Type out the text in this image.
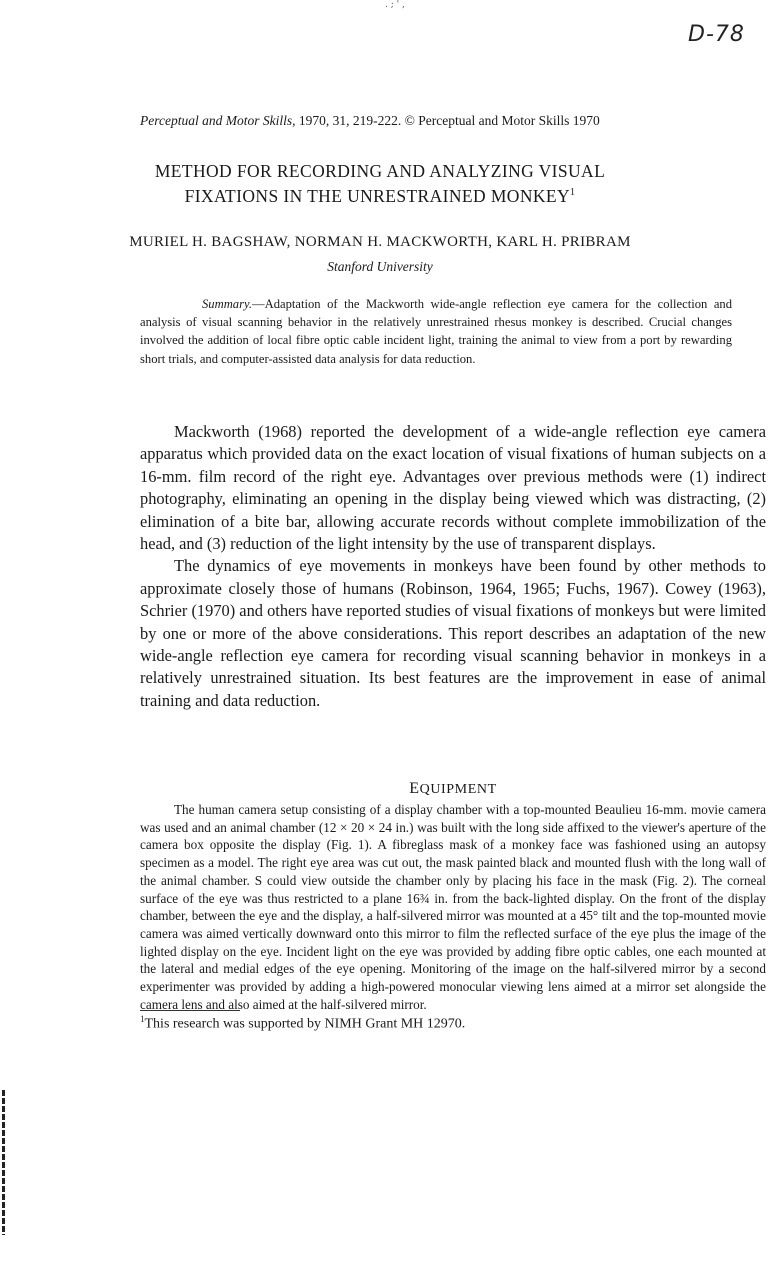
. ; ' ,
D-78
Perceptual and Motor Skills, 1970, 31, 219-222. © Perceptual and Motor Skills 1970
METHOD FOR RECORDING AND ANALYZING VISUAL
FIXATIONS IN THE UNRESTRAINED MONKEY$^1$
MURIEL H. BAGSHAW, NORMAN H. MACKWORTH, KARL H. PRIBRAM
Stanford University
Summary.—Adaptation of the Mackworth wide-angle reflection eye camera for the collection and analysis of visual scanning behavior in the relatively unrestrained rhesus monkey is described. Crucial changes involved the addition of local fibre optic cable incident light, training the animal to view from a port by rewarding short trials, and computer-assisted data analysis for data reduction.

Mackworth (1968) reported the development of a wide-angle reflection eye camera apparatus which provided data on the exact location of visual fixations of human subjects on a 16-mm. film record of the right eye. Advantages over previous methods were (1) indirect photography, eliminating an opening in the display being viewed which was distracting, (2) elimination of a bite bar, allowing accurate records without complete immobilization of the head, and (3) reduction of the light intensity by the use of transparent displays.

The dynamics of eye movements in monkeys have been found by other methods to approximate closely those of humans (Robinson, 1964, 1965; Fuchs, 1967). Cowey (1963), Schrier (1970) and others have reported studies of visual fixations of monkeys but were limited by one or more of the above considerations. This report describes an adaptation of the new wide-angle reflection eye camera for recording visual scanning behavior in monkeys in a relatively unrestrained situation. Its best features are the improvement in ease of animal training and data reduction.

EQUIPMENT
The human camera setup consisting of a display chamber with a top-mounted Beaulieu 16-mm. movie camera was used and an animal chamber (12 × 20 × 24 in.) was built with the long side affixed to the viewer's aperture of the camera box opposite the display (Fig. 1). A fibreglass mask of a monkey face was fashioned using an autopsy specimen as a model. The right eye area was cut out, the mask painted black and mounted flush with the long wall of the animal chamber. S could view outside the chamber only by placing his face in the mask (Fig. 2). The corneal surface of the eye was thus restricted to a plane 16¾ in. from the back-lighted display. On the front of the display chamber, between the eye and the display, a half-silvered mirror was mounted at a 45° tilt and the top-mounted movie camera was aimed vertically downward onto this mirror to film the reflected surface of the eye plus the image of the lighted display on the eye. Incident light on the eye was provided by adding fibre optic cables, one each mounted at the lateral and medial edges of the eye opening. Monitoring of the image on the half-silvered mirror by a second experimenter was provided by adding a high-powered monocular viewing lens aimed at a mirror set alongside the camera lens and also aimed at the half-silvered mirror.
$^1$This research was supported by NIMH Grant MH 12970.
